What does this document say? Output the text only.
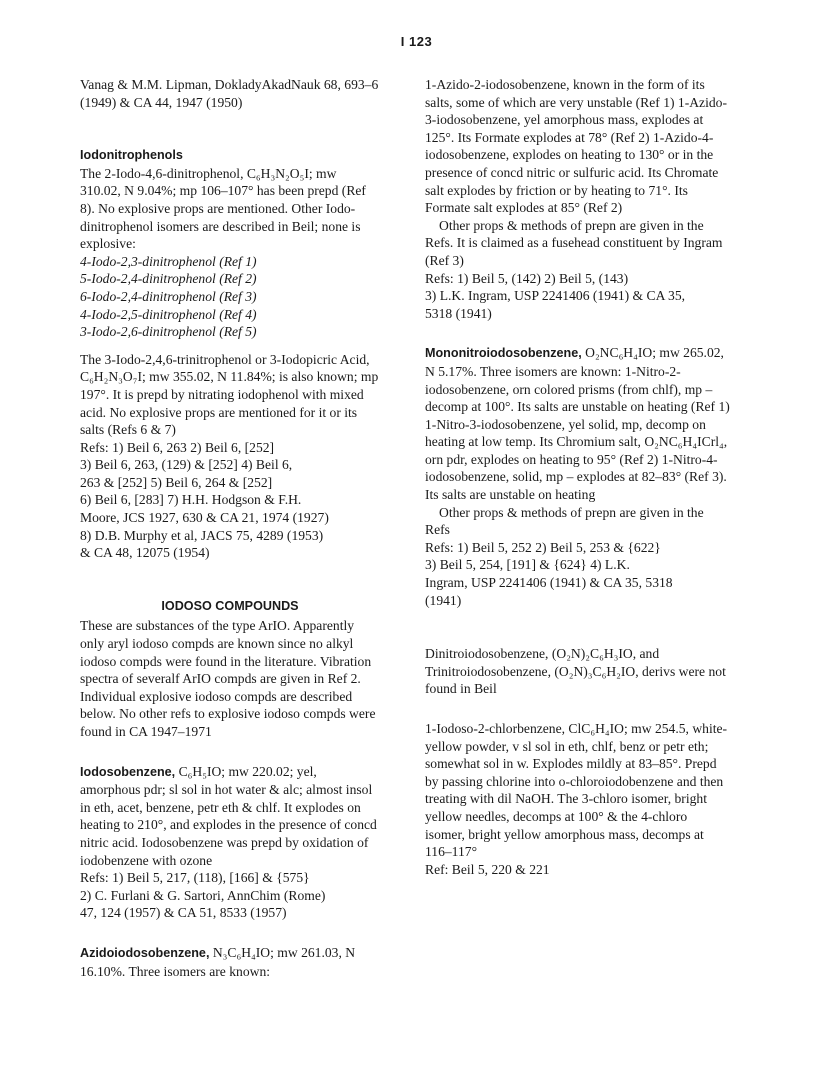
I 123

Vanag & M.M. Lipman, DokladyAkadNauk 68, 693–6 (1949) & CA 44, 1947 (1950)

Iodonitrophenols

The 2-Iodo-4,6-dinitrophenol, C₆H₃N₂O₅I; mw 310.02, N 9.04%; mp 106–107° has been prepd (Ref 8). No explosive props are mentioned. Other Iodo-dinitrophenol isomers are described in Beil; none is explosive:

4-Iodo-2,3-dinitrophenol (Ref 1)

5-Iodo-2,4-dinitrophenol (Ref 2)

6-Iodo-2,4-dinitrophenol (Ref 3)

4-Iodo-2,5-dinitrophenol (Ref 4)

3-Iodo-2,6-dinitrophenol (Ref 5)

The 3-Iodo-2,4,6-trinitrophenol or 3-Iodopicric Acid, C₆H₂N₃O₇I; mw 355.02, N 11.84%; is also known; mp 197°. It is prepd by nitrating iodophenol with mixed acid. No explosive props are mentioned for it or its salts (Refs 6 & 7)

Refs: 1) Beil 6, 263 2) Beil 6, [252]
3) Beil 6, 263, (129) & [252] 4) Beil 6,
263 & [252] 5) Beil 6, 264 & [252]
6) Beil 6, [283] 7) H.H. Hodgson & F.H.
Moore, JCS 1927, 630 & CA 21, 1974 (1927)
8) D.B. Murphy et al, JACS 75, 4289 (1953)
& CA 48, 12075 (1954)
IODOSO COMPOUNDS

These are substances of the type ArIO. Apparently only aryl iodoso compds are known since no alkyl iodoso compds were found in the literature. Vibration spectra of severalf ArIO compds are given in Ref 2. Individual explosive iodoso compds are described below. No other refs to explosive iodoso compds were found in CA 1947–1971

Iodosobenzene, C₆H₅IO; mw 220.02; yel, amorphous pdr; sl sol in hot water & alc; almost insol in eth, acet, benzene, petr eth & chlf. It explodes on heating to 210°, and explodes in the presence of concd nitric acid. Iodosobenzene was prepd by oxidation of iodobenzene with ozone

Refs: 1) Beil 5, 217, (118), [166] & {575}
2) C. Furlani & G. Sartori, AnnChim (Rome)
47, 124 (1957) & CA 51, 8533 (1957)

Azidoiodosobenzene, N₃C₆H₄IO; mw 261.03, N 16.10%. Three isomers are known:

1-Azido-2-iodosobenzene, known in the form of its salts, some of which are very unstable (Ref 1) 1-Azido-3-iodosobenzene, yel amorphous mass, explodes at 125°. Its Formate explodes at 78° (Ref 2) 1-Azido-4-iodosobenzene, explodes on heating to 130° or in the presence of concd nitric or sulfuric acid. Its Chromate salt explodes by friction or by heating to 71°. Its Formate salt explodes at 85° (Ref 2)

Other props & methods of prepn are given in the Refs. It is claimed as a fusehead constituent by Ingram (Ref 3)

Refs: 1) Beil 5, (142) 2) Beil 5, (143)
3) L.K. Ingram, USP 2241406 (1941) & CA 35,
5318 (1941)

Mononitroiodosobenzene, O₂NC₆H₄IO; mw 265.02, N 5.17%. Three isomers are known: 1-Nitro-2-iodosobenzene, orn colored prisms (from chlf), mp – decomp at 100°. Its salts are unstable on heating (Ref 1) 1-Nitro-3-iodosobenzene, yel solid, mp, decomp on heating at low temp. Its Chromium salt, O₂NC₆H₄ICrl₄, orn pdr, explodes on heating to 95° (Ref 2) 1-Nitro-4-iodosobenzene, solid, mp – explodes at 82–83° (Ref 3). Its salts are unstable on heating

Other props & methods of prepn are given in the Refs

Refs: 1) Beil 5, 252 2) Beil 5, 253 & {622}
3) Beil 5, 254, [191] & {624} 4) L.K.
Ingram, USP 2241406 (1941) & CA 35, 5318
(1941)

Dinitroiodosobenzene, (O₂N)₂C₆H₃IO, and Trinitroiodosobenzene, (O₂N)₃C₆H₂IO, derivs were not found in Beil

1-Iodoso-2-chlorbenzene, ClC₆H₄IO; mw 254.5, white-yellow powder, v sl sol in eth, chlf, benz or petr eth; somewhat sol in w. Explodes mildly at 83–85°. Prepd by passing chlorine into o-chloroiodobenzene and then treating with dil NaOH. The 3-chloro isomer, bright yellow needles, decomps at 100° & the 4-chloro isomer, bright yellow amorphous mass, decomps at 116–117°

Ref: Beil 5, 220 & 221
